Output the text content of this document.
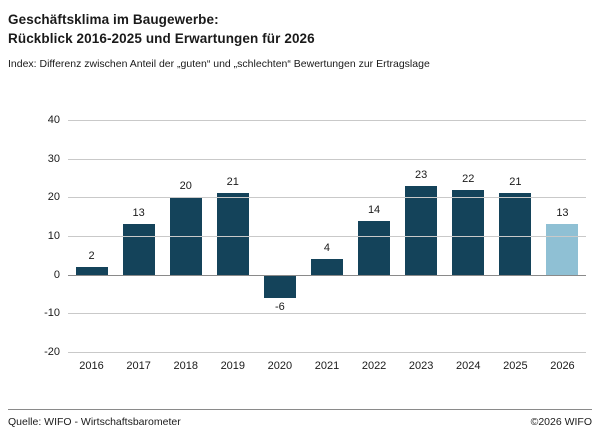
Geschäftsklima im Baugewerbe:
Rückblick 2016-2025 und Erwartungen für 2026
Index: Differenz zwischen Anteil der „guten“ und „schlechten“ Bewertungen zur Ertragslage
2
13
20	21
-6
4
14
23	22	21
13
40
30
20
10
0
-10
-20
2016	2017	2018	2019	2020	2021	2022	2023	2024	2025	2026
Quelle: WIFO - Wirtschaftsbarometer	©2026 WIFO
